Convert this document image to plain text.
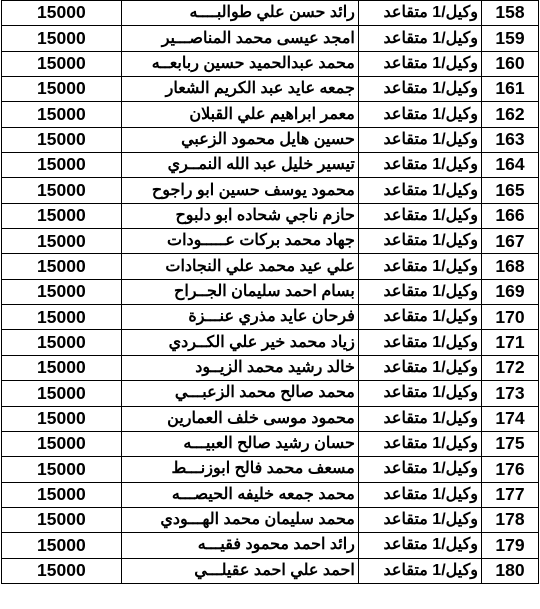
15000	رائد حسن علي طوالبــــه	وكيل/1 متقاعد	158
15000	امجد عيسى محمد المناصـــير	وكيل/1 متقاعد	159
15000	محمد عبدالحميد حسين ربابعــه	وكيل/1 متقاعد	160
15000	جمعه عايد عبد الكريم الشعار	وكيل/1 متقاعد	161
15000	معمر ابراهيم علي القبلان	وكيل/1 متقاعد	162
15000	حسين هايل محمود الزعبي	وكيل/1 متقاعد	163
15000	تيسير خليل عبد الله النمــري	وكيل/1 متقاعد	164
15000	محمود يوسف حسين ابو راجوح	وكيل/1 متقاعد	165
15000	حازم ناجي شحاده ابو دلبوح	وكيل/1 متقاعد	166
15000	جهاد محمد بركات عـــــودات	وكيل/1 متقاعد	167
15000	علي عيد محمد علي النجادات	وكيل/1 متقاعد	168
15000	بسام احمد سليمان الجــراح	وكيل/1 متقاعد	169
15000	فرحان عايد مذري عنـــزة	وكيل/1 متقاعد	170
15000	زياد محمد خير علي الكــردي	وكيل/1 متقاعد	171
15000	خالد رشيد محمد الزيــود	وكيل/1 متقاعد	172
15000	محمد صالح محمد الزعبـــي	وكيل/1 متقاعد	173
15000	محمود موسى خلف العمارين	وكيل/1 متقاعد	174
15000	حسان رشيد صالح العبيـــه	وكيل/1 متقاعد	175
15000	مسعف محمد فالح ابوزنـــط	وكيل/1 متقاعد	176
15000	محمد جمعه خليفه الحيصـــه	وكيل/1 متقاعد	177
15000	محمد سليمان محمد الهـــودي	وكيل/1 متقاعد	178
15000	رائد احمد محمود فقيـــه	وكيل/1 متقاعد	179
15000	احمد علي احمد عقيلـــي	وكيل/1 متقاعد	180
